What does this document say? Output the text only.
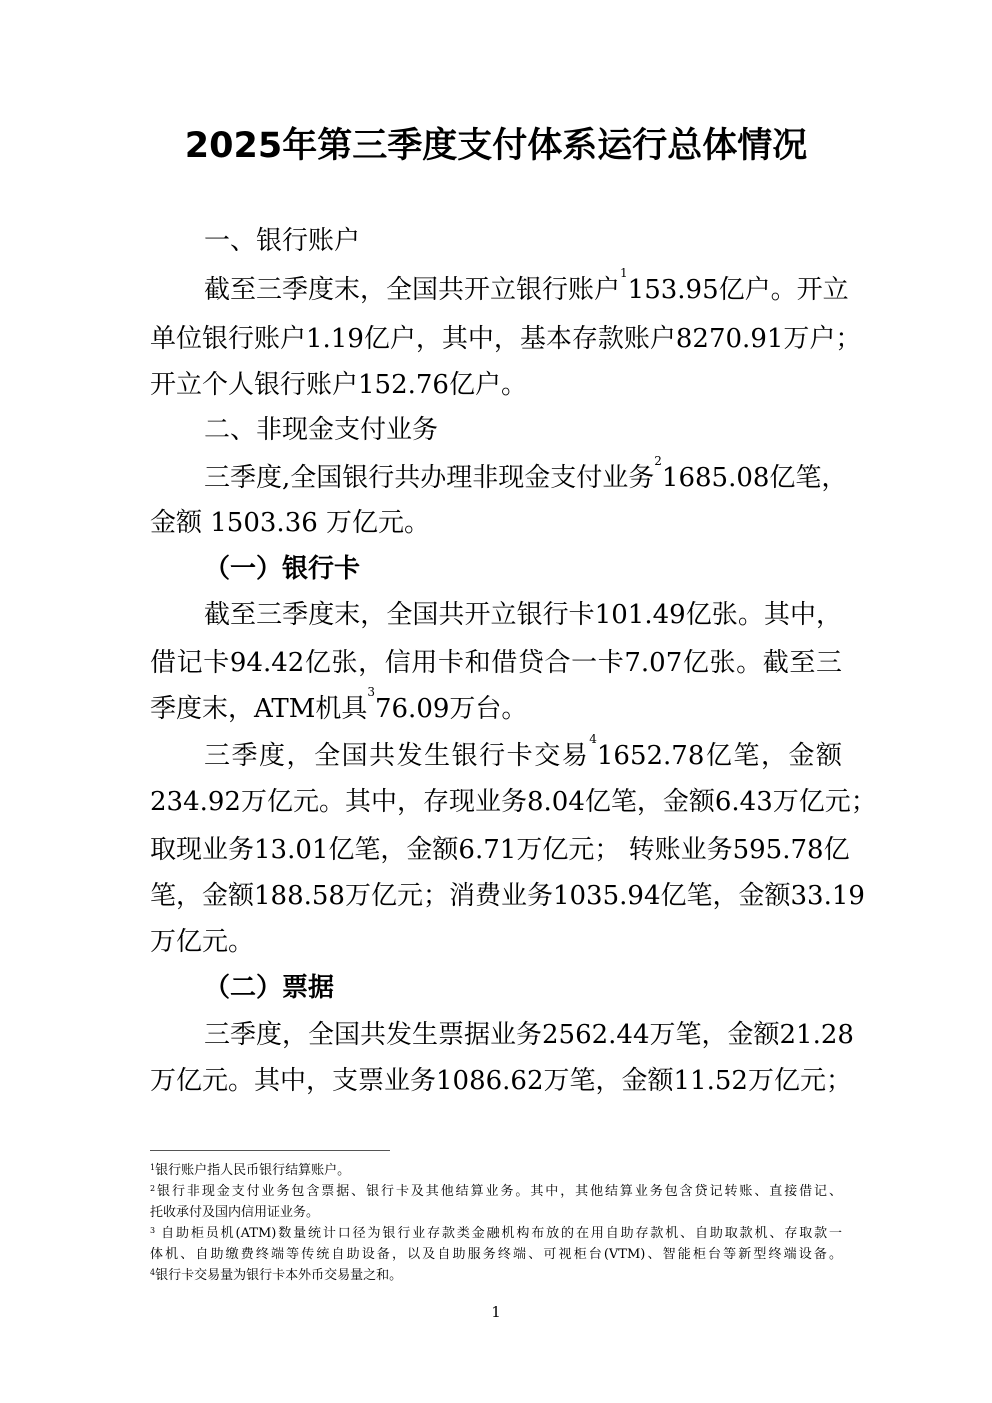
2025年第三季度支付体系运行总体情况
一、银行账户
截至三季度末，全国共开立银行账户$^1$153.95亿户。开立
单位银行账户1.19亿户，其中，基本存款账户8270.91万户；
开立个人银行账户152.76亿户。
二、非现金支付业务
三季度,全国银行共办理非现金支付业务$^2$1685.08亿笔，
金额 1503.36 万亿元。
（一）银行卡
截至三季度末，全国共开立银行卡101.49亿张。其中，
借记卡94.42亿张，信用卡和借贷合一卡7.07亿张。截至三
季度末，ATM机具$^3$76.09万台。
三季度，全国共发生银行卡交易$^4$1652.78亿笔，金额
234.92万亿元。其中，存现业务8.04亿笔，金额6.43万亿元；
取现业务13.01亿笔，金额6.71万亿元； 转账业务595.78亿
笔，金额188.58万亿元；消费业务1035.94亿笔，金额33.19
万亿元。
（二）票据
三季度，全国共发生票据业务2562.44万笔，金额21.28
万亿元。其中，支票业务1086.62万笔，金额11.52万亿元；
$^1$银行账户指人民币银行结算账户。
$^2$银行非现金支付业务包含票据、银行卡及其他结算业务。其中，其他结算业务包含贷记转账、直接借记、
托收承付及国内信用证业务。
$^3$ 自助柜员机(ATM)数量统计口径为银行业存款类金融机构布放的在用自助存款机、自助取款机、存取款一
体机、自助缴费终端等传统自助设备，以及自助服务终端、可视柜台(VTM)、智能柜台等新型终端设备。
$^4$银行卡交易量为银行卡本外币交易量之和。
1
